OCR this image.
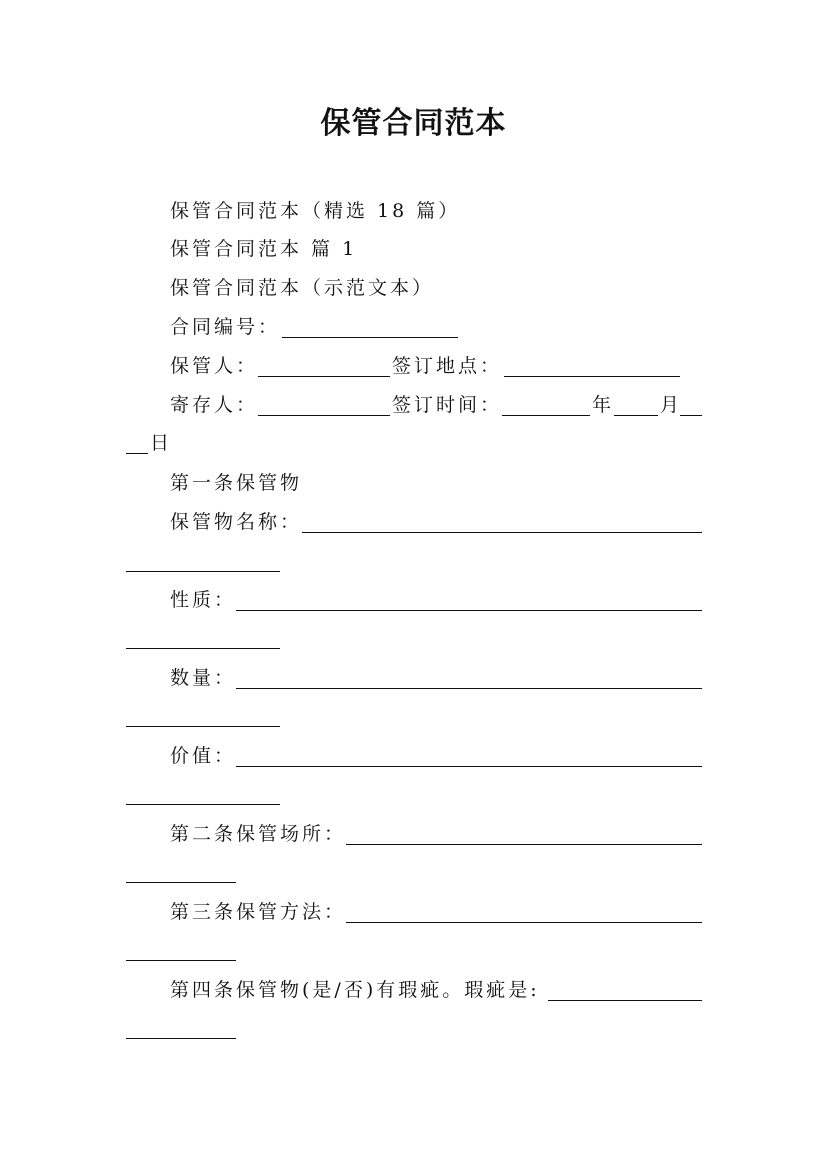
保管合同范本
保管合同范本（精选 18 篇）
保管合同范本 篇 1
保管合同范本（示范文本）
合同编号：
保管人：	签订地点：
寄存人：	签订时间：	年 月
日
第一条保管物
保管物名称：
性质：
数量：
价值：
第二条保管场所：
第三条保管方法：
第四条保管物(是/否)有瑕疵。瑕疵是:
